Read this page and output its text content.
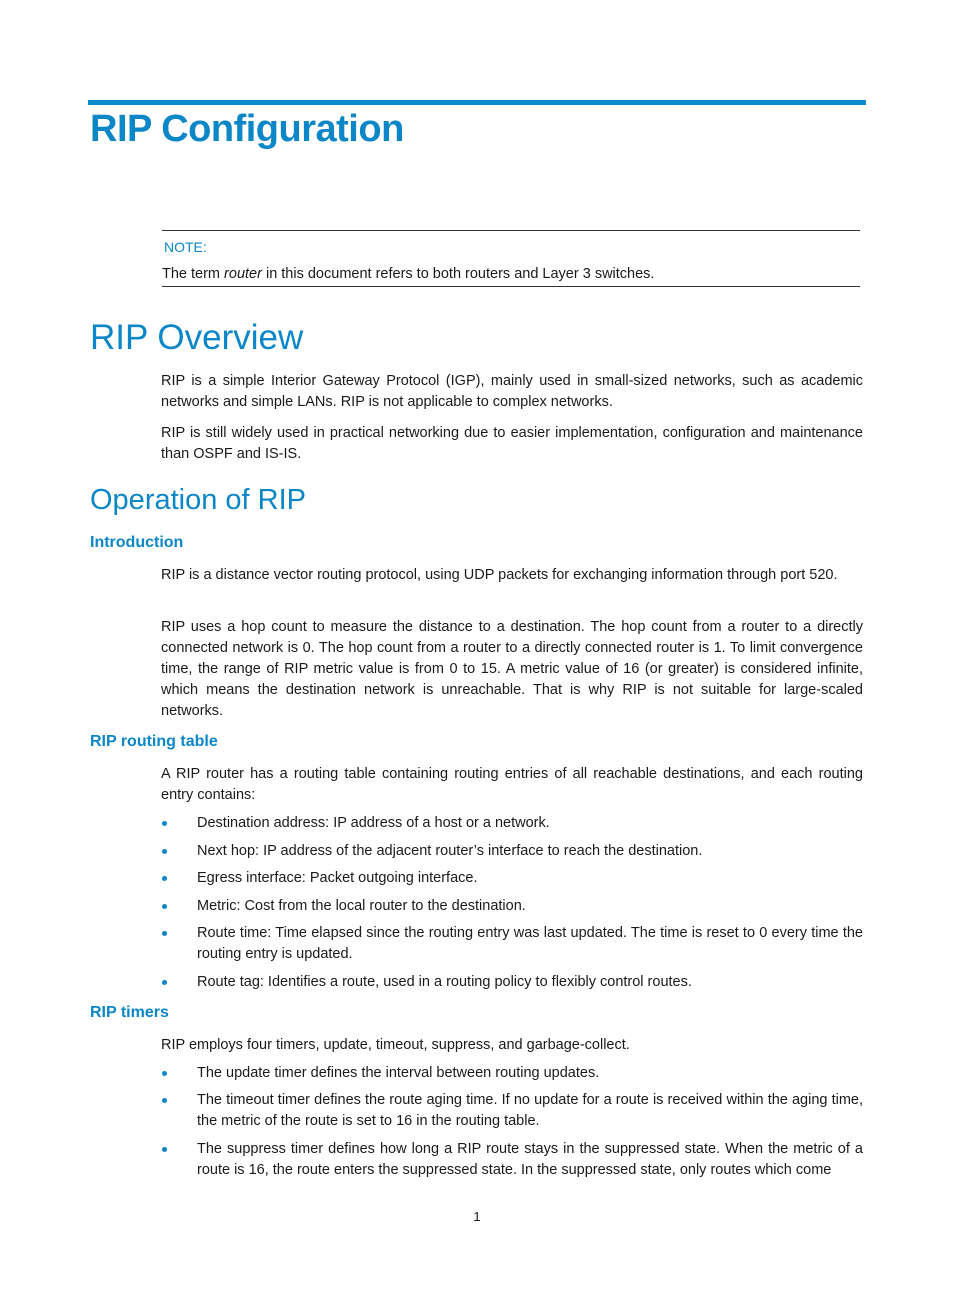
RIP Configuration
NOTE:
The term router in this document refers to both routers and Layer 3 switches.
RIP Overview

RIP is a simple Interior Gateway Protocol (IGP), mainly used in small-sized networks, such as academic networks and simple LANs. RIP is not applicable to complex networks.

RIP is still widely used in practical networking due to easier implementation, configuration and maintenance than OSPF and IS-IS.

Operation of RIP
Introduction

RIP is a distance vector routing protocol, using UDP packets for exchanging information through port 520.

RIP uses a hop count to measure the distance to a destination. The hop count from a router to a directly connected network is 0. The hop count from a router to a directly connected router is 1. To limit convergence time, the range of RIP metric value is from 0 to 15. A metric value of 16 (or greater) is considered infinite, which means the destination network is unreachable. That is why RIP is not suitable for large-scaled networks.

RIP routing table

A RIP router has a routing table containing routing entries of all reachable destinations, and each routing entry contains:

Destination address: IP address of a host or a network.

Next hop: IP address of the adjacent router’s interface to reach the destination.

Egress interface: Packet outgoing interface.

Metric: Cost from the local router to the destination.

Route time: Time elapsed since the routing entry was last updated. The time is reset to 0 every time the routing entry is updated.

Route tag: Identifies a route, used in a routing policy to flexibly control routes.

RIP timers

RIP employs four timers, update, timeout, suppress, and garbage-collect.

The update timer defines the interval between routing updates.

The timeout timer defines the route aging time. If no update for a route is received within the aging time, the metric of the route is set to 16 in the routing table.

The suppress timer defines how long a RIP route stays in the suppressed state. When the metric of a route is 16, the route enters the suppressed state. In the suppressed state, only routes which come

1
